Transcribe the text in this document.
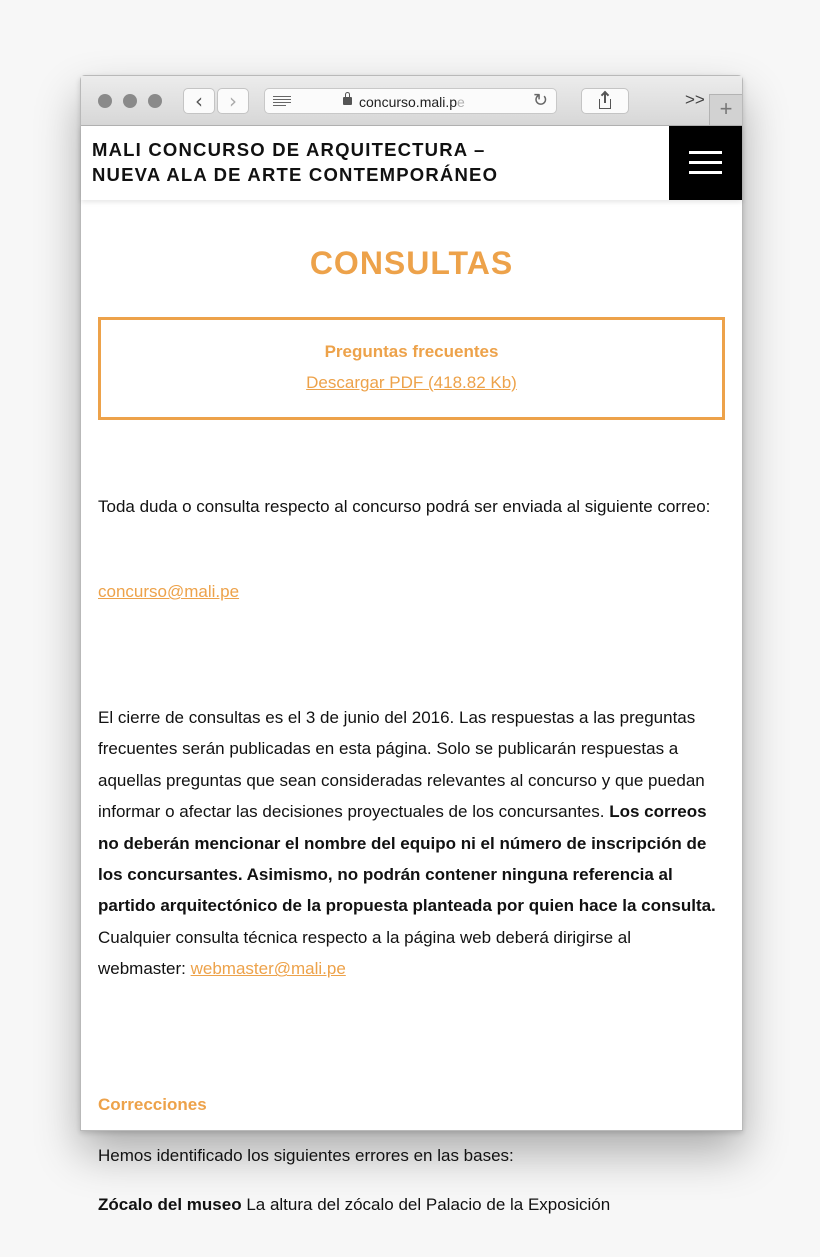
‹ ›	concurso.mali.pe	↻	>> +
MALI CONCURSO DE ARQUITECTURA –
NUEVA ALA DE ARTE CONTEMPORÁNEO
CONSULTAS
Preguntas frecuentes
Descargar PDF (418.82 Kb)

Toda duda o consulta respecto al concurso podrá ser enviada al siguiente correo:

concurso@mali.pe

El cierre de consultas es el 3 de junio del 2016. Las respuestas a las preguntas frecuentes serán publicadas en esta página. Solo se publicarán respuestas a aquellas preguntas que sean consideradas relevantes al concurso y que puedan informar o afectar las decisiones proyectuales de los concursantes. Los correos no deberán mencionar el nombre del equipo ni el número de inscripción de los concursantes. Asimismo, no podrán contener ninguna referencia al partido arquitectónico de la propuesta planteada por quien hace la consulta. Cualquier consulta técnica respecto a la página web deberá dirigirse al webmaster: webmaster@mali.pe

Correcciones
Hemos identificado los siguientes errores en las bases:
Zócalo del museo La altura del zócalo del Palacio de la Exposición
